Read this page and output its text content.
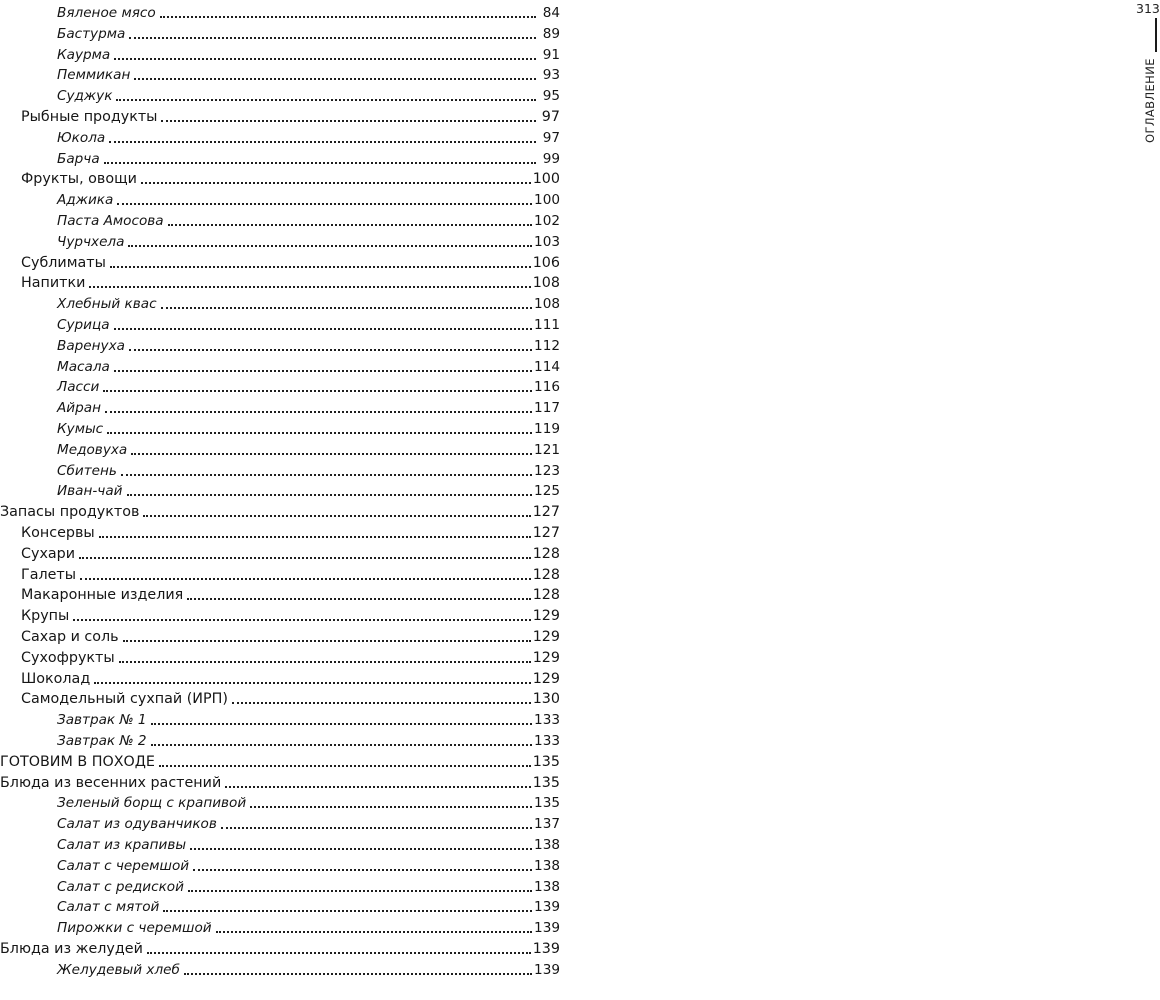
313
ОГЛАВЛЕНИЕ
Вяленое мясо	84
Бастурма	89
Каурма	91
Пеммикан	93
Суджук	95
Рыбные продукты	97
Юкола	97
Барча	99
Фрукты, овощи	100
Аджика	100
Паста Амосова	102
Чурчхела	103
Сублиматы	106
Напитки	108
Хлебный квас	108
Сурица	111
Варенуха	112
Масала	114
Ласси	116
Айран	117
Кумыс	119
Медовуха	121
Сбитень	123
Иван-чай	125
Запасы продуктов	127
Консервы	127
Сухари	128
Галеты	128
Макаронные изделия	128
Крупы	129
Сахар и соль	129
Сухофрукты	129
Шоколад	129
Самодельный сухпай (ИРП)	130
Завтрак № 1	133
Завтрак № 2	133
ГОТОВИМ В ПОХОДЕ	135
Блюда из весенних растений	135
Зеленый борщ с крапивой	135
Салат из одуванчиков	137
Салат из крапивы	138
Салат с черемшой	138
Салат с редиской	138
Салат с мятой	139
Пирожки с черемшой	139
Блюда из желудей	139
Желудевый хлеб	139
